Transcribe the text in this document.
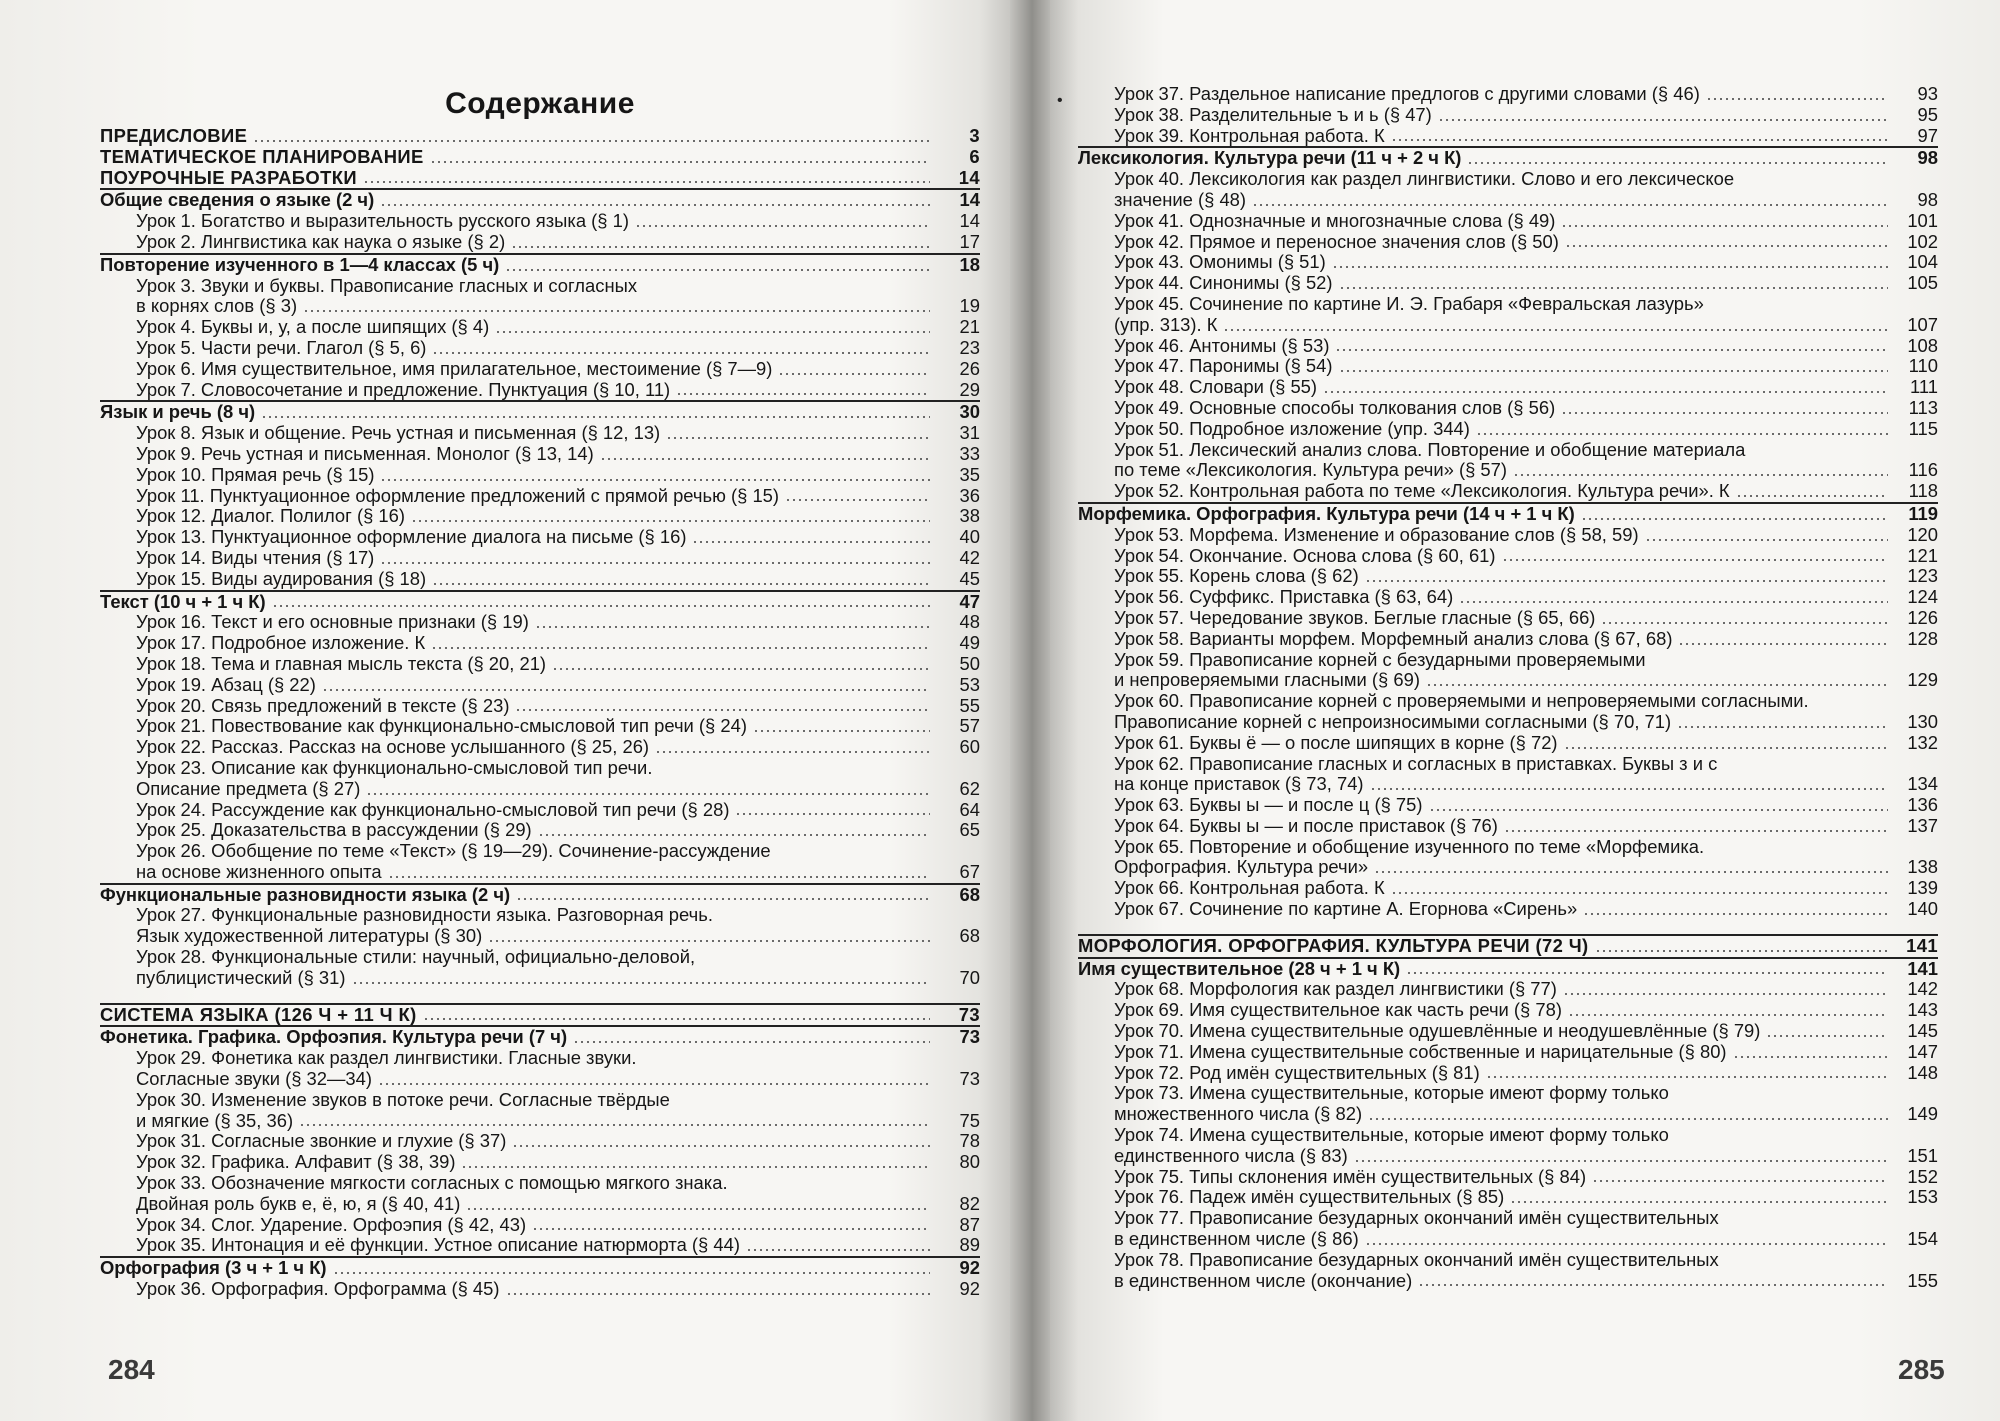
Содержание
ПРЕДИСЛОВИЕ	3
ТЕМАТИЧЕСКОЕ ПЛАНИРОВАНИЕ	6
ПОУРОЧНЫЕ РАЗРАБОТКИ	14
Общие сведения о языке (2 ч)	14
Урок 1. Богатство и выразительность русского языка (§ 1)	14
Урок 2. Лингвистика как наука о языке (§ 2)	17
Повторение изученного в 1—4 классах (5 ч)	18
Урок 3. Звуки и буквы. Правописание гласных и согласных
в корнях слов (§ 3)	19
Урок 4. Буквы и, у, а после шипящих (§ 4)	21
Урок 5. Части речи. Глагол (§ 5, 6)	23
Урок 6. Имя существительное, имя прилагательное, местоимение (§ 7—9)	26
Урок 7. Словосочетание и предложение. Пунктуация (§ 10, 11)	29
Язык и речь (8 ч)	30
Урок 8. Язык и общение. Речь устная и письменная (§ 12, 13)	31
Урок 9. Речь устная и письменная. Монолог (§ 13, 14)	33
Урок 10. Прямая речь (§ 15)	35
Урок 11. Пунктуационное оформление предложений с прямой речью (§ 15)	36
Урок 12. Диалог. Полилог (§ 16)	38
Урок 13. Пунктуационное оформление диалога на письме (§ 16)	40
Урок 14. Виды чтения (§ 17)	42
Урок 15. Виды аудирования (§ 18)	45
Текст (10 ч + 1 ч К)	47
Урок 16. Текст и его основные признаки (§ 19)	48
Урок 17. Подробное изложение. К	49
Урок 18. Тема и главная мысль текста (§ 20, 21)	50
Урок 19. Абзац (§ 22)	53
Урок 20. Связь предложений в тексте (§ 23)	55
Урок 21. Повествование как функционально-смысловой тип речи (§ 24)	57
Урок 22. Рассказ. Рассказ на основе услышанного (§ 25, 26)	60
Урок 23. Описание как функционально-смысловой тип речи.
Описание предмета (§ 27)	62
Урок 24. Рассуждение как функционально-смысловой тип речи (§ 28)	64
Урок 25. Доказательства в рассуждении (§ 29)	65
Урок 26. Обобщение по теме «Текст» (§ 19—29). Сочинение-рассуждение
на основе жизненного опыта	67
Функциональные разновидности языка (2 ч)	68
Урок 27. Функциональные разновидности языка. Разговорная речь.
Язык художественной литературы (§ 30)	68
Урок 28. Функциональные стили: научный, официально-деловой,
публицистический (§ 31)	70
СИСТЕМА ЯЗЫКА (126 Ч + 11 Ч К)	73
Фонетика. Графика. Орфоэпия. Культура речи (7 ч)	73
Урок 29. Фонетика как раздел лингвистики. Гласные звуки.
Согласные звуки (§ 32—34)	73
Урок 30. Изменение звуков в потоке речи. Согласные твёрдые
и мягкие (§ 35, 36)	75
Урок 31. Согласные звонкие и глухие (§ 37)	78
Урок 32. Графика. Алфавит (§ 38, 39)	80
Урок 33. Обозначение мягкости согласных с помощью мягкого знака.
Двойная роль букв е, ё, ю, я (§ 40, 41)	82
Урок 34. Слог. Ударение. Орфоэпия (§ 42, 43)	87
Урок 35. Интонация и её функции. Устное описание натюрморта (§ 44)	89
Орфография (3 ч + 1 ч К)	92
Урок 36. Орфография. Орфограмма (§ 45)	92
•	Урок 37. Раздельное написание предлогов с другими словами (§ 46)	93
Урок 38. Разделительные ъ и ь (§ 47)	95
Урок 39. Контрольная работа. К	97
Лексикология. Культура речи (11 ч + 2 ч К)	98
Урок 40. Лексикология как раздел лингвистики. Слово и его лексическое
значение (§ 48)	98
Урок 41. Однозначные и многозначные слова (§ 49)	101
Урок 42. Прямое и переносное значения слов (§ 50)	102
Урок 43. Омонимы (§ 51)	104
Урок 44. Синонимы (§ 52)	105
Урок 45. Сочинение по картине И. Э. Грабаря «Февральская лазурь»
(упр. 313). К	107
Урок 46. Антонимы (§ 53)	108
Урок 47. Паронимы (§ 54)	110
Урок 48. Словари (§ 55)	111
Урок 49. Основные способы толкования слов (§ 56)	113
Урок 50. Подробное изложение (упр. 344)	115
Урок 51. Лексический анализ слова. Повторение и обобщение материала
по теме «Лексикология. Культура речи» (§ 57)	116
Урок 52. Контрольная работа по теме «Лексикология. Культура речи». К	118
Морфемика. Орфография. Культура речи (14 ч + 1 ч К)	119
Урок 53. Морфема. Изменение и образование слов (§ 58, 59)	120
Урок 54. Окончание. Основа слова (§ 60, 61)	121
Урок 55. Корень слова (§ 62)	123
Урок 56. Суффикс. Приставка (§ 63, 64)	124
Урок 57. Чередование звуков. Беглые гласные (§ 65, 66)	126
Урок 58. Варианты морфем. Морфемный анализ слова (§ 67, 68)	128
Урок 59. Правописание корней с безударными проверяемыми
и непроверяемыми гласными (§ 69)	129
Урок 60. Правописание корней с проверяемыми и непроверяемыми согласными.
Правописание корней с непроизносимыми согласными (§ 70, 71)	130
Урок 61. Буквы ё — о после шипящих в корне (§ 72)	132
Урок 62. Правописание гласных и согласных в приставках. Буквы з и с
на конце приставок (§ 73, 74)	134
Урок 63. Буквы ы — и после ц (§ 75)	136
Урок 64. Буквы ы — и после приставок (§ 76)	137
Урок 65. Повторение и обобщение изученного по теме «Морфемика.
Орфография. Культура речи»	138
Урок 66. Контрольная работа. К	139
Урок 67. Сочинение по картине А. Егорнова «Сирень»	140
МОРФОЛОГИЯ. ОРФОГРАФИЯ. КУЛЬТУРА РЕЧИ (72 Ч)	141
Имя существительное (28 ч + 1 ч К)	141
Урок 68. Морфология как раздел лингвистики (§ 77)	142
Урок 69. Имя существительное как часть речи (§ 78)	143
Урок 70. Имена существительные одушевлённые и неодушевлённые (§ 79)	145
Урок 71. Имена существительные собственные и нарицательные (§ 80)	147
Урок 72. Род имён существительных (§ 81)	148
Урок 73. Имена существительные, которые имеют форму только
множественного числа (§ 82)	149
Урок 74. Имена существительные, которые имеют форму только
единственного числа (§ 83)	151
Урок 75. Типы склонения имён существительных (§ 84)	152
Урок 76. Падеж имён существительных (§ 85)	153
Урок 77. Правописание безударных окончаний имён существительных
в единственном числе (§ 86)	154
Урок 78. Правописание безударных окончаний имён существительных
в единственном числе (окончание)	155
284	285
